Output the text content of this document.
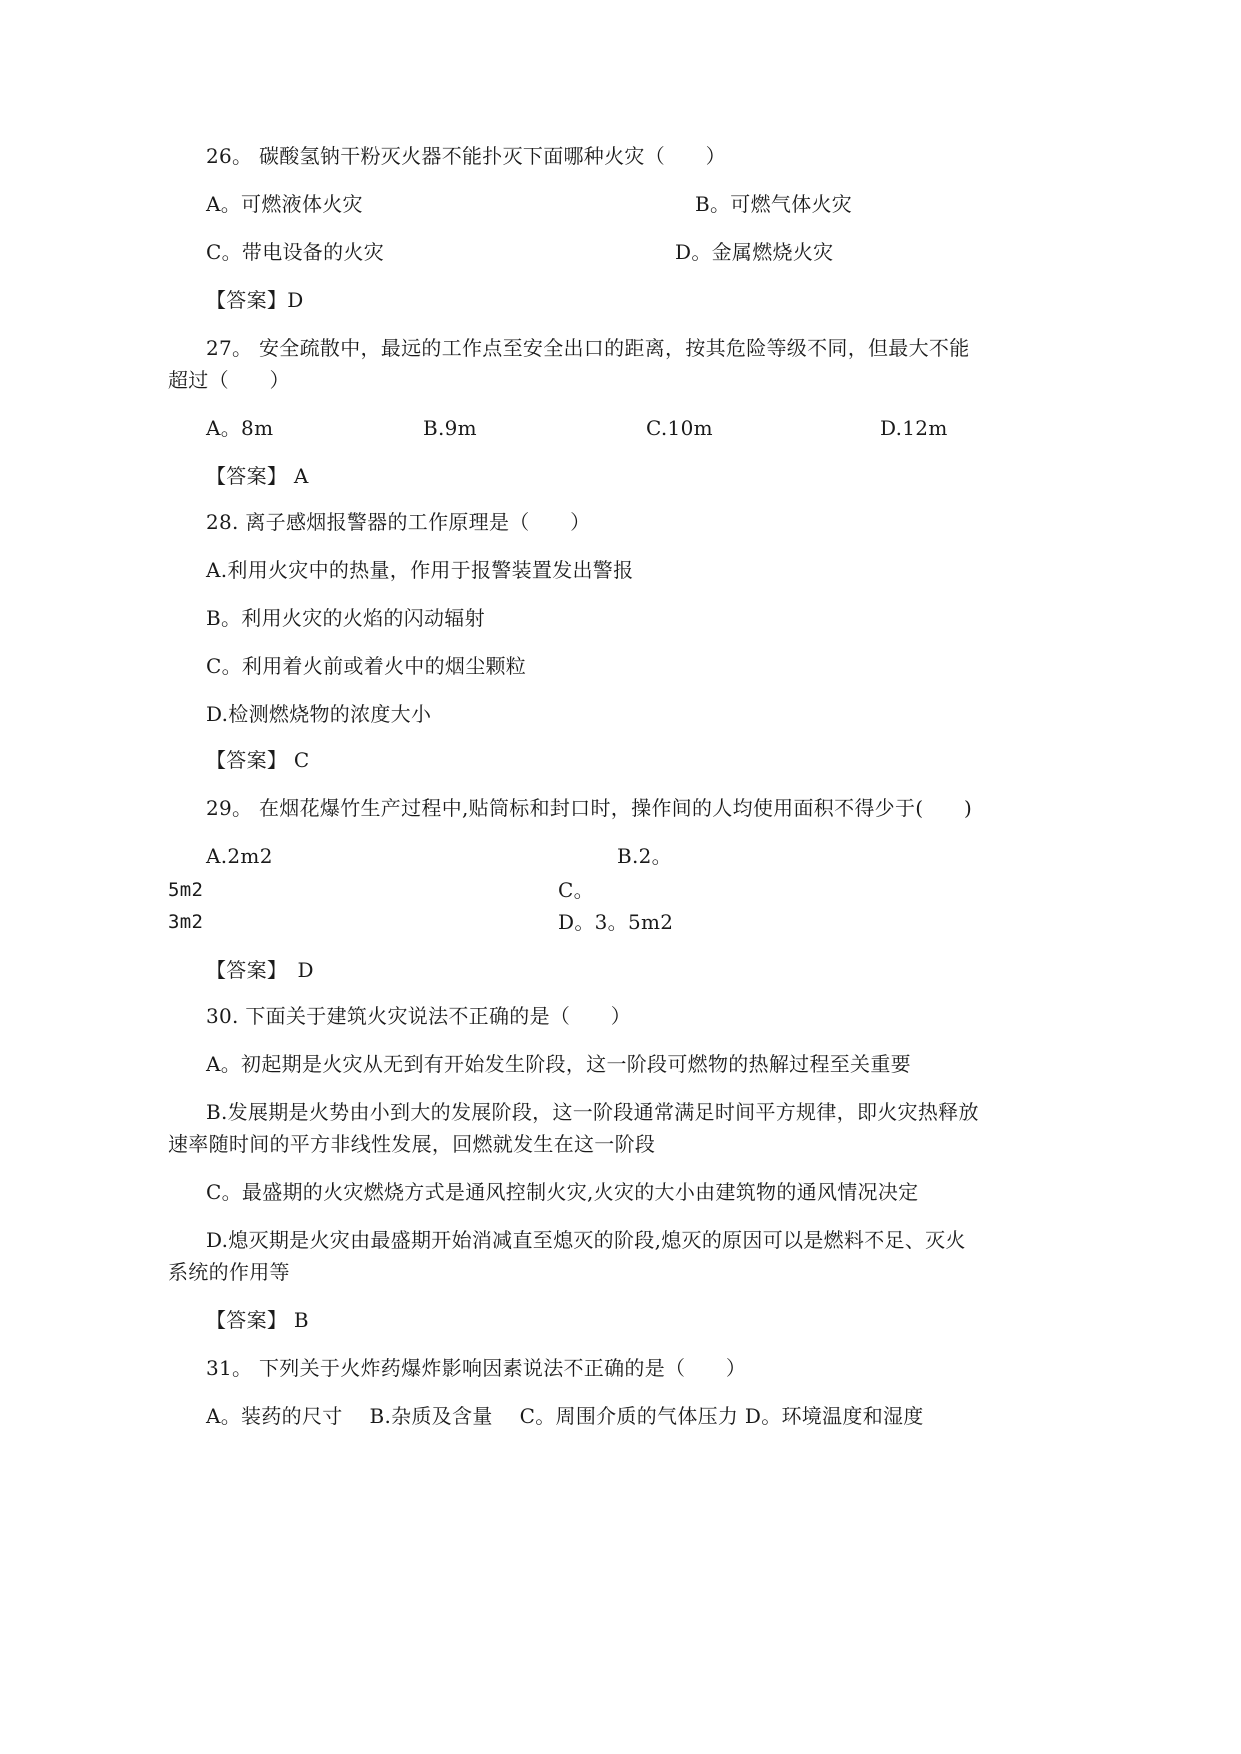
26。 碳酸氢钠干粉灭火器不能扑灭下面哪种火灾（　　）
A。可燃液体火灾	B。可燃气体火灾
C。带电设备的火灾	D。金属燃烧火灾
【答案】D
27。 安全疏散中，最远的工作点至安全出口的距离，按其危险等级不同，但最大不能
超过（　　）
A。8m	B.9m	C.10m	D.12m
【答案】 A
28. 离子感烟报警器的工作原理是（　　）
A.利用火灾中的热量，作用于报警装置发出警报
B。利用火灾的火焰的闪动辐射
C。利用着火前或着火中的烟尘颗粒
D.检测燃烧物的浓度大小
【答案】 C
29。 在烟花爆竹生产过程中,贴筒标和封口时，操作间的人均使用面积不得少于(　　)
A.2m2	B.2。
5m2	C。
3m2	D。3。5m2
【答案】　D
30. 下面关于建筑火灾说法不正确的是（　　）
A。初起期是火灾从无到有开始发生阶段，这一阶段可燃物的热解过程至关重要
B.发展期是火势由小到大的发展阶段，这一阶段通常满足时间平方规律，即火灾热释放
速率随时间的平方非线性发展，回燃就发生在这一阶段
C。最盛期的火灾燃烧方式是通风控制火灾,火灾的大小由建筑物的通风情况决定
D.熄灭期是火灾由最盛期开始消减直至熄灭的阶段,熄灭的原因可以是燃料不足、灭火
系统的作用等
【答案】 B
31。 下列关于火炸药爆炸影响因素说法不正确的是（　　）
A。装药的尺寸　 B.杂质及含量　 C。周围介质的气体压力 D。环境温度和湿度
